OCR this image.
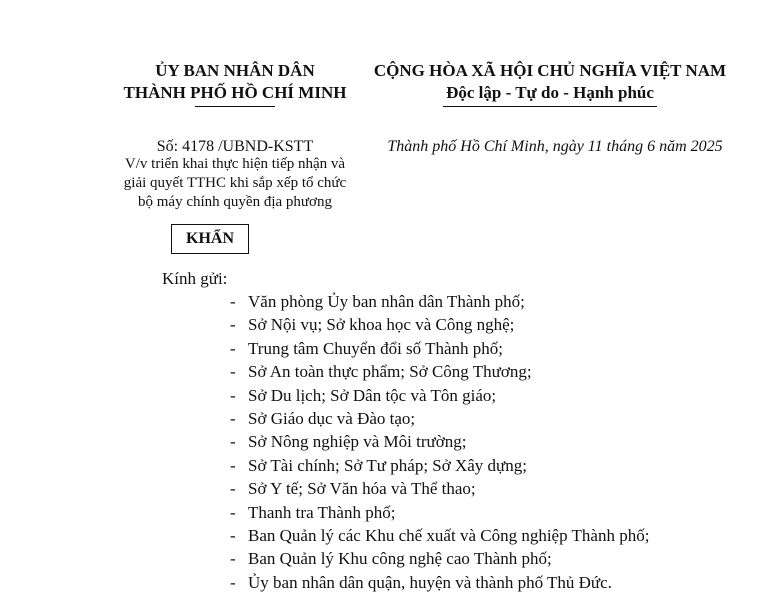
ỦY BAN NHÂN DÂN

THÀNH PHỐ HỒ CHÍ MINH

CỘNG HÒA XÃ HỘI CHỦ NGHĨA VIỆT NAM

Độc lập - Tự do - Hạnh phúc

Số: 4178 /UBND-KSTT
V/v triển khai thực hiện tiếp nhận và
giải quyết TTHC khi sắp xếp tổ chức
bộ máy chính quyền địa phương
Thành phố Hồ Chí Minh, ngày 11 tháng 6 năm 2025
KHẨN

Kính gửi:

- Văn phòng Ủy ban nhân dân Thành phố;
- Sở Nội vụ; Sở khoa học và Công nghệ;
- Trung tâm Chuyển đổi số Thành phố;
- Sở An toàn thực phẩm; Sở Công Thương;
- Sở Du lịch; Sở Dân tộc và Tôn giáo;
- Sở Giáo dục và Đào tạo;
- Sở Nông nghiệp và Môi trường;
- Sở Tài chính; Sở Tư pháp; Sở Xây dựng;
- Sở Y tế; Sở Văn hóa và Thể thao;
- Thanh tra Thành phố;
- Ban Quản lý các Khu chế xuất và Công nghiệp Thành phố;
- Ban Quản lý Khu công nghệ cao Thành phố;
- Ủy ban nhân dân quận, huyện và thành phố Thủ Đức.
